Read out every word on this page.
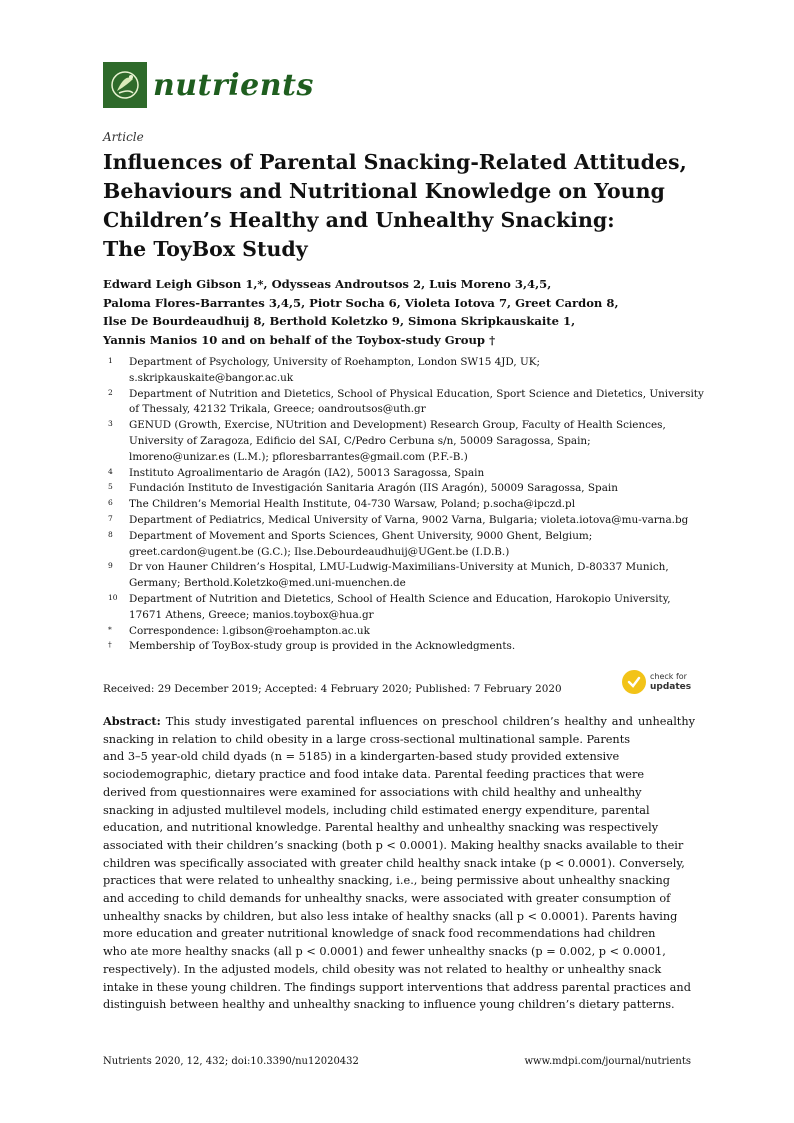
nutrients
Article
Influences of Parental Snacking-Related Attitudes,
Behaviours and Nutritional Knowledge on Young
Children’s Healthy and Unhealthy Snacking:
The ToyBox Study
Edward Leigh Gibson 1,*, Odysseas Androutsos 2, Luis Moreno 3,4,5,
Paloma Flores-Barrantes 3,4,5, Piotr Socha 6, Violeta Iotova 7, Greet Cardon 8,
Ilse De Bourdeaudhuij 8, Berthold Koletzko 9, Simona Skripkauskaite 1,
Yannis Manios 10 and on behalf of the Toybox-study Group †
1	Department of Psychology, University of Roehampton, London SW15 4JD, UK;
s.skripkauskaite@bangor.ac.uk
2	Department of Nutrition and Dietetics, School of Physical Education, Sport Science and Dietetics, University
of Thessaly, 42132 Trikala, Greece; oandroutsos@uth.gr
3	GENUD (Growth, Exercise, NUtrition and Development) Research Group, Faculty of Health Sciences,
University of Zaragoza, Edificio del SAI, C/Pedro Cerbuna s/n, 50009 Saragossa, Spain;
lmoreno@unizar.es (L.M.); pfloresbarrantes@gmail.com (P.F.-B.)
4	Instituto Agroalimentario de Aragón (IA2), 50013 Saragossa, Spain
5	Fundación Instituto de Investigación Sanitaria Aragón (IIS Aragón), 50009 Saragossa, Spain
6	The Children’s Memorial Health Institute, 04-730 Warsaw, Poland; p.socha@ipczd.pl
7	Department of Pediatrics, Medical University of Varna, 9002 Varna, Bulgaria; violeta.iotova@mu-varna.bg
8	Department of Movement and Sports Sciences, Ghent University, 9000 Ghent, Belgium;
greet.cardon@ugent.be (G.C.); Ilse.Debourdeaudhuij@UGent.be (I.D.B.)
9	Dr von Hauner Children’s Hospital, LMU-Ludwig-Maximilians-University at Munich, D-80337 Munich,
Germany; Berthold.Koletzko@med.uni-muenchen.de
10	Department of Nutrition and Dietetics, School of Health Science and Education, Harokopio University,
17671 Athens, Greece; manios.toybox@hua.gr
*	Correspondence: l.gibson@roehampton.ac.uk
†	Membership of ToyBox-study group is provided in the Acknowledgments.
Received: 29 December 2019; Accepted: 4 February 2020; Published: 7 February 2020
check for
updates
Abstract: This study investigated parental influences on preschool children’s healthy and unhealthy
snacking in relation to child obesity in a large cross-sectional multinational sample. Parents
and 3–5 year-old child dyads (n = 5185) in a kindergarten-based study provided extensive
sociodemographic, dietary practice and food intake data. Parental feeding practices that were
derived from questionnaires were examined for associations with child healthy and unhealthy
snacking in adjusted multilevel models, including child estimated energy expenditure, parental
education, and nutritional knowledge. Parental healthy and unhealthy snacking was respectively
associated with their children’s snacking (both p < 0.0001). Making healthy snacks available to their
children was specifically associated with greater child healthy snack intake (p < 0.0001). Conversely,
practices that were related to unhealthy snacking, i.e., being permissive about unhealthy snacking
and acceding to child demands for unhealthy snacks, were associated with greater consumption of
unhealthy snacks by children, but also less intake of healthy snacks (all p < 0.0001). Parents having
more education and greater nutritional knowledge of snack food recommendations had children
who ate more healthy snacks (all p < 0.0001) and fewer unhealthy snacks (p = 0.002, p < 0.0001,
respectively). In the adjusted models, child obesity was not related to healthy or unhealthy snack
intake in these young children. The findings support interventions that address parental practices and
distinguish between healthy and unhealthy snacking to influence young children’s dietary patterns.
Nutrients 2020, 12, 432; doi:10.3390/nu12020432	www.mdpi.com/journal/nutrients
